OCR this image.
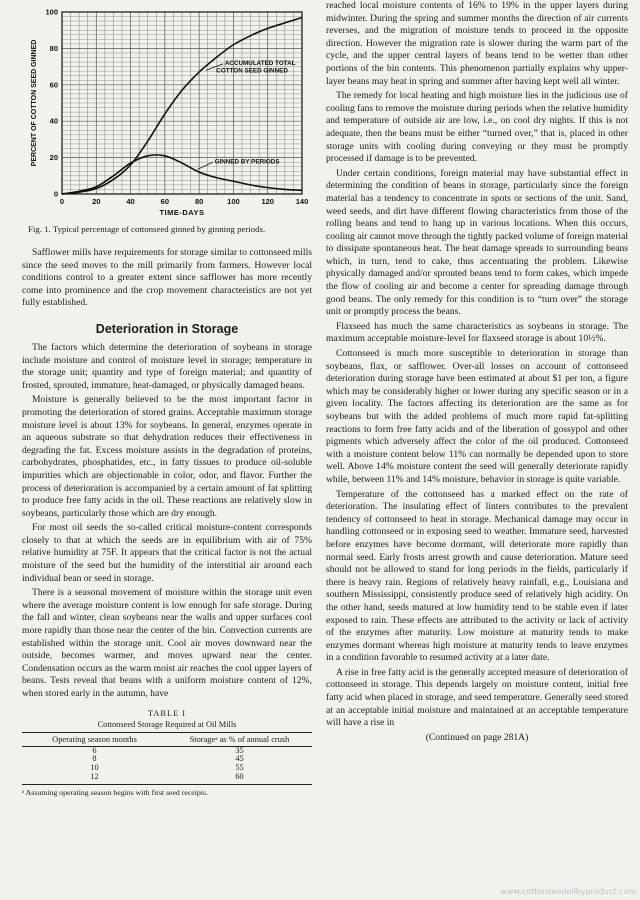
0	20	40	60	80	100	120	140
0
20
40
60
80
100
TIME-DAYS
PERCENT OF COTTON SEED GINNED	ACCUMULATED TOTAL COTTON SEED GINNED
GINNED BY PERIODS
Fig. 1. Typical percentage of cottonseed ginned by ginning periods.

Safflower mills have requirements for storage similar to cottonseed mills since the seed moves to the mill primarily from farmers. However local conditions control to a greater extent since safflower has more recently come into prominence and the crop movement characteristics are not yet fully established.

Deterioration in Storage

The factors which determine the deterioration of soybeans in storage include moisture and control of moisture level in storage; temperature in the storage unit; quantity and type of foreign material; and quantity of frosted, sprouted, immature, heat-damaged, or physically damaged beans.

Moisture is generally believed to be the most important factor in promoting the deterioration of stored grains. Acceptable maximum storage moisture level is about 13% for soybeans. In general, enzymes operate in an aqueous substrate so that dehydration reduces their effectiveness in degrading the fat. Excess moisture assists in the degradation of proteins, carbohydrates, phosphatides, etc., in fatty tissues to produce oil-soluble impurities which are objectionable in color, odor, and flavor. Further the process of deterioration is accompanied by a certain amount of fat splitting to produce free fatty acids in the oil. These reactions are relatively slow in soybeans, particularly those which are dry enough.

For most oil seeds the so-called critical moisture-content corresponds closely to that at which the seeds are in equilibrium with air of 75% relative humidity at 75F. It appears that the critical factor is not the actual moisture of the seed but the humidity of the interstitial air around each individual bean or seed in storage.

There is a seasonal movement of moisture within the storage unit even where the average moisture content is low enough for safe storage. During the fall and winter, clean soybeans near the walls and upper surfaces cool more rapidly than those near the center of the bin. Convection currents are established within the storage unit. Cool air moves downward near the outside, becomes warmer, and moves upward near the center. Condensation occurs as the warm moist air reaches the cool upper layers of beans. Tests reveal that beans with a uniform moisture content of 12%, when stored early in the autumn, have

TABLE I
Cottonseed Storage Required at Oil Mills
Operating season months	Storageᵃ as % of annual crush
6	35
8	45
10	55
12	60
ᵃ Assuming operating season begins with first seed receipts.

reached local moisture contents of 16% to 19% in the upper layers during midwinter. During the spring and summer months the direction of air currents reverses, and the migration of moisture tends to proceed in the opposite direction. However the migration rate is slower during the warm part of the cycle, and the upper central layers of beans tend to be wetter than other portions of the bin contents. This phenomenon partially explains why upper-layer beans may heat in spring and summer after having kept well all winter.

The remedy for local heating and high moisture lies in the judicious use of cooling fans to remove the moisture during periods when the relative humidity and temperature of outside air are low, i.e., on cool dry nights. If this is not adequate, then the beans must be either “turned over,” that is, placed in other storage units with cooling during conveying or they must be promptly processed if damage is to be prevented.

Under certain conditions, foreign material may have substantial effect in determining the condition of beans in storage, particularly since the foreign material has a tendency to concentrate in spots or sections of the unit. Sand, weed seeds, and dirt have different flowing characteristics from those of the rolling beans and tend to hang up in various locations. When this occurs, cooling air cannot move through the tightly packed volume of foreign material to dissipate spontaneous heat. The heat damage spreads to surrounding beans which, in turn, tend to cake, thus accentuating the problem. Likewise physically damaged and/or sprouted beans tend to form cakes, which impede the flow of cooling air and become a center for spreading damage through good beans. The only remedy for this condition is to “turn over” the storage unit or promptly process the beans.

Flaxseed has much the same characteristics as soybeans in storage. The maximum acceptable moisture-level for flaxseed storage is about 10½%.

Cottonseed is much more susceptible to deterioration in storage than soybeans, flax, or safflower. Over-all losses on account of cottonseed deterioration during storage have been estimated at about $1 per ton, a figure which may be considerably higher or lower during any specific season or in a given locality. The factors affecting its deterioration are the same as for soybeans but with the added problems of much more rapid fat-splitting reactions to form free fatty acids and of the liberation of gossypol and other pigments which adversely affect the color of the oil produced. Cottonseed with a moisture content below 11% can normally be depended upon to store well. Above 14% moisture content the seed will generally deteriorate rapidly while, between 11% and 14% moisture, behavior in storage is quite variable.

Temperature of the cottonseed has a marked effect on the rate of deterioration. The insulating effect of linters contributes to the prevalent tendency of cottonseed to heat in storage. Mechanical damage may occur in handling cottonseed or in exposing seed to weather. Immature seed, harvested before enzymes have become dormant, will deteriorate more rapidly than normal seed. Early frosts arrest growth and cause deterioration. Mature seed should not be allowed to stand for long periods in the fields, particularly if there is heavy rain. Regions of relatively heavy rainfall, e.g., Louisiana and southern Mississippi, consistently produce seed of relatively high acidity. On the other hand, seeds matured at low humidity tend to be stable even if later exposed to rain. These effects are attributed to the activity or lack of activity of the enzymes after maturity. Low moisture at maturity tends to make enzymes dormant whereas high moisture at maturity tends to leave enzymes in a condition favorable to resumed activity at a later date.

A rise in free fatty acid is the generally accepted measure of deterioration of cottonseed in storage. This depends largely on moisture content, initial free fatty acid when placed in storage, and seed temperature. Generally seed stored at an acceptable initial moisture and maintained at an acceptable temperature will have a rise in

(Continued on page 281A)
www.cottonseedoilbyproduct.com
